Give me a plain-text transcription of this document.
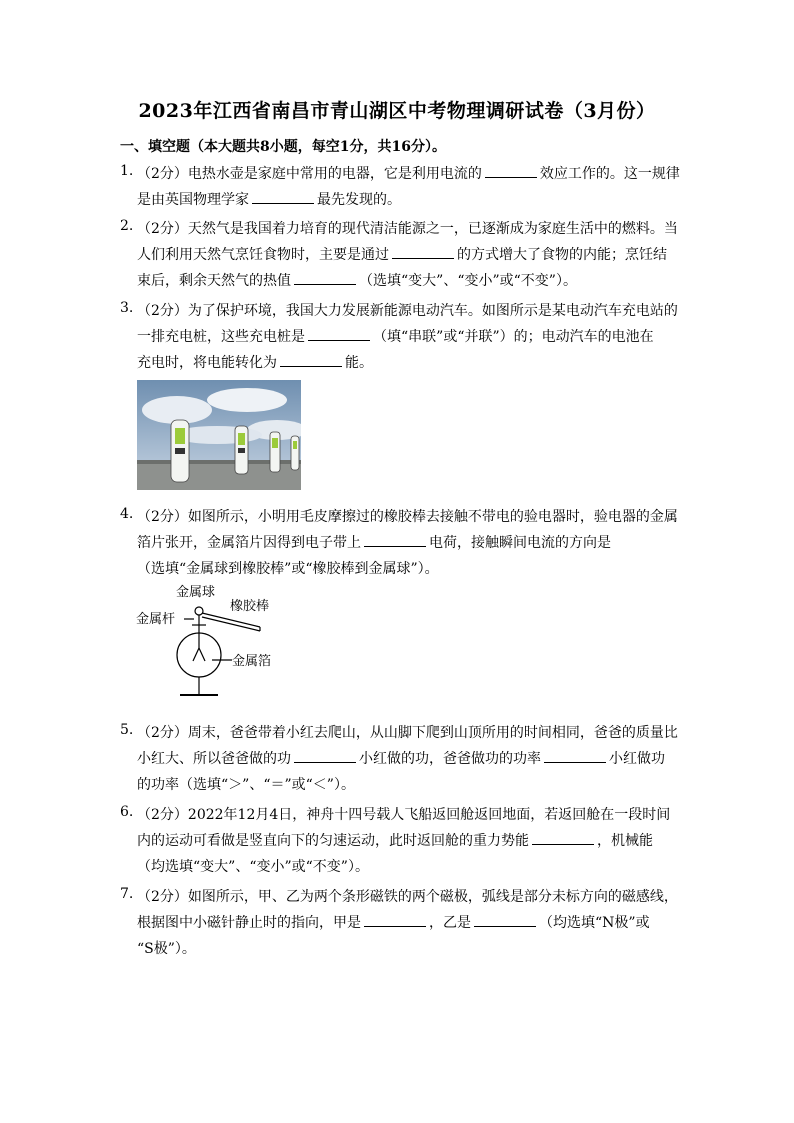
2023年江西省南昌市青山湖区中考物理调研试卷（3月份）
一、填空题（本大题共8小题，每空1分，共16分）。
1. （2分）电热水壶是家庭中常用的电器，它是利用电流的	效应工作的。这一规律
是由英国物理学家	最先发现的。
2. （2分）天然气是我国着力培育的现代清洁能源之一，已逐渐成为家庭生活中的燃料。当
人们利用天然气烹饪食物时，主要是通过	的方式增大了食物的内能；烹饪结
束后，剩余天然气的热值	（选填“变大”、“变小”或“不变”）。
3. （2分）为了保护环境，我国大力发展新能源电动汽车。如图所示是某电动汽车充电站的
一排充电桩，这些充电桩是	（填“串联”或“并联”）的；电动汽车的电池在
充电时，将电能转化为	能。
4. （2分）如图所示，小明用毛皮摩擦过的橡胶棒去接触不带电的验电器时，验电器的金属
箔片张开，金属箔片因得到电子带上	电荷，接触瞬间电流的方向是
（选填“金属球到橡胶棒”或“橡胶棒到金属球”）。
金属球
金属杆
橡胶棒
金属箔
5. （2分）周末，爸爸带着小红去爬山，从山脚下爬到山顶所用的时间相同，爸爸的质量比
小红大、所以爸爸做的功	小红做的功，爸爸做功的功率	小红做功
的功率（选填“＞”、“＝”或“＜”）。
6. （2分）2022年12月4日，神舟十四号载人飞船返回舱返回地面，若返回舱在一段时间
内的运动可看做是竖直向下的匀速运动，此时返回舱的重力势能	，机械能
（均选填“变大”、“变小”或“不变”）。
7. （2分）如图所示，甲、乙为两个条形磁铁的两个磁极，弧线是部分未标方向的磁感线，
根据图中小磁针静止时的指向，甲是	，乙是	（均选填“N极”或
“S极”）。
